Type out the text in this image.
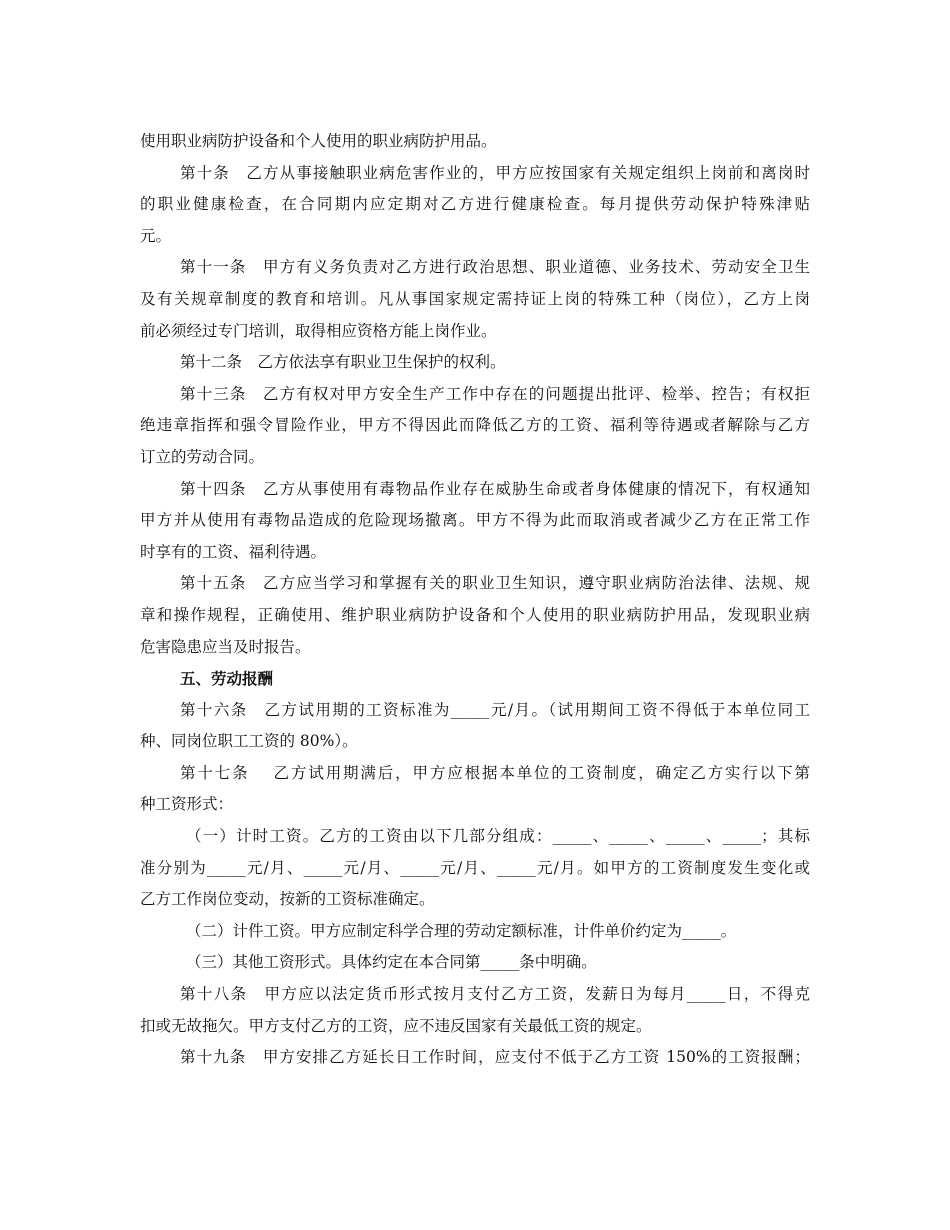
使用职业病防护设备和个人使用的职业病防护用品。
第十条　乙方从事接触职业病危害作业的，甲方应按国家有关规定组织上岗前和离岗时
的职业健康检查，在合同期内应定期对乙方进行健康检查。每月提供劳动保护特殊津贴
元。
第十一条　甲方有义务负责对乙方进行政治思想、职业道德、业务技术、劳动安全卫生
及有关规章制度的教育和培训。凡从事国家规定需持证上岗的特殊工种（岗位），乙方上岗
前必须经过专门培训，取得相应资格方能上岗作业。
第十二条　乙方依法享有职业卫生保护的权利。
第十三条　乙方有权对甲方安全生产工作中存在的问题提出批评、检举、控告；有权拒
绝违章指挥和强令冒险作业，甲方不得因此而降低乙方的工资、福利等待遇或者解除与乙方
订立的劳动合同。
第十四条　乙方从事使用有毒物品作业存在威胁生命或者身体健康的情况下，有权通知
甲方并从使用有毒物品造成的危险现场撤离。甲方不得为此而取消或者减少乙方在正常工作
时享有的工资、福利待遇。
第十五条　乙方应当学习和掌握有关的职业卫生知识，遵守职业病防治法律、法规、规
章和操作规程，正确使用、维护职业病防护设备和个人使用的职业病防护用品，发现职业病
危害隐患应当及时报告。
五、劳动报酬
第十六条　乙方试用期的工资标准为_____元/月。（试用期间工资不得低于本单位同工
种、同岗位职工工资的 80%）。
第十七条　 乙方试用期满后，甲方应根据本单位的工资制度，确定乙方实行以下第
种工资形式：
（一）计时工资。乙方的工资由以下几部分组成：_____、_____、_____、_____；其标
准分别为_____元/月、_____元/月、_____元/月、_____元/月。如甲方的工资制度发生变化或
乙方工作岗位变动，按新的工资标准确定。
（二）计件工资。甲方应制定科学合理的劳动定额标准，计件单价约定为_____。
（三）其他工资形式。具体约定在本合同第_____条中明确。
第十八条　甲方应以法定货币形式按月支付乙方工资，发薪日为每月_____日，不得克
扣或无故拖欠。甲方支付乙方的工资，应不违反国家有关最低工资的规定。
第十九条　甲方安排乙方延长日工作时间，应支付不低于乙方工资 150%的工资报酬；
